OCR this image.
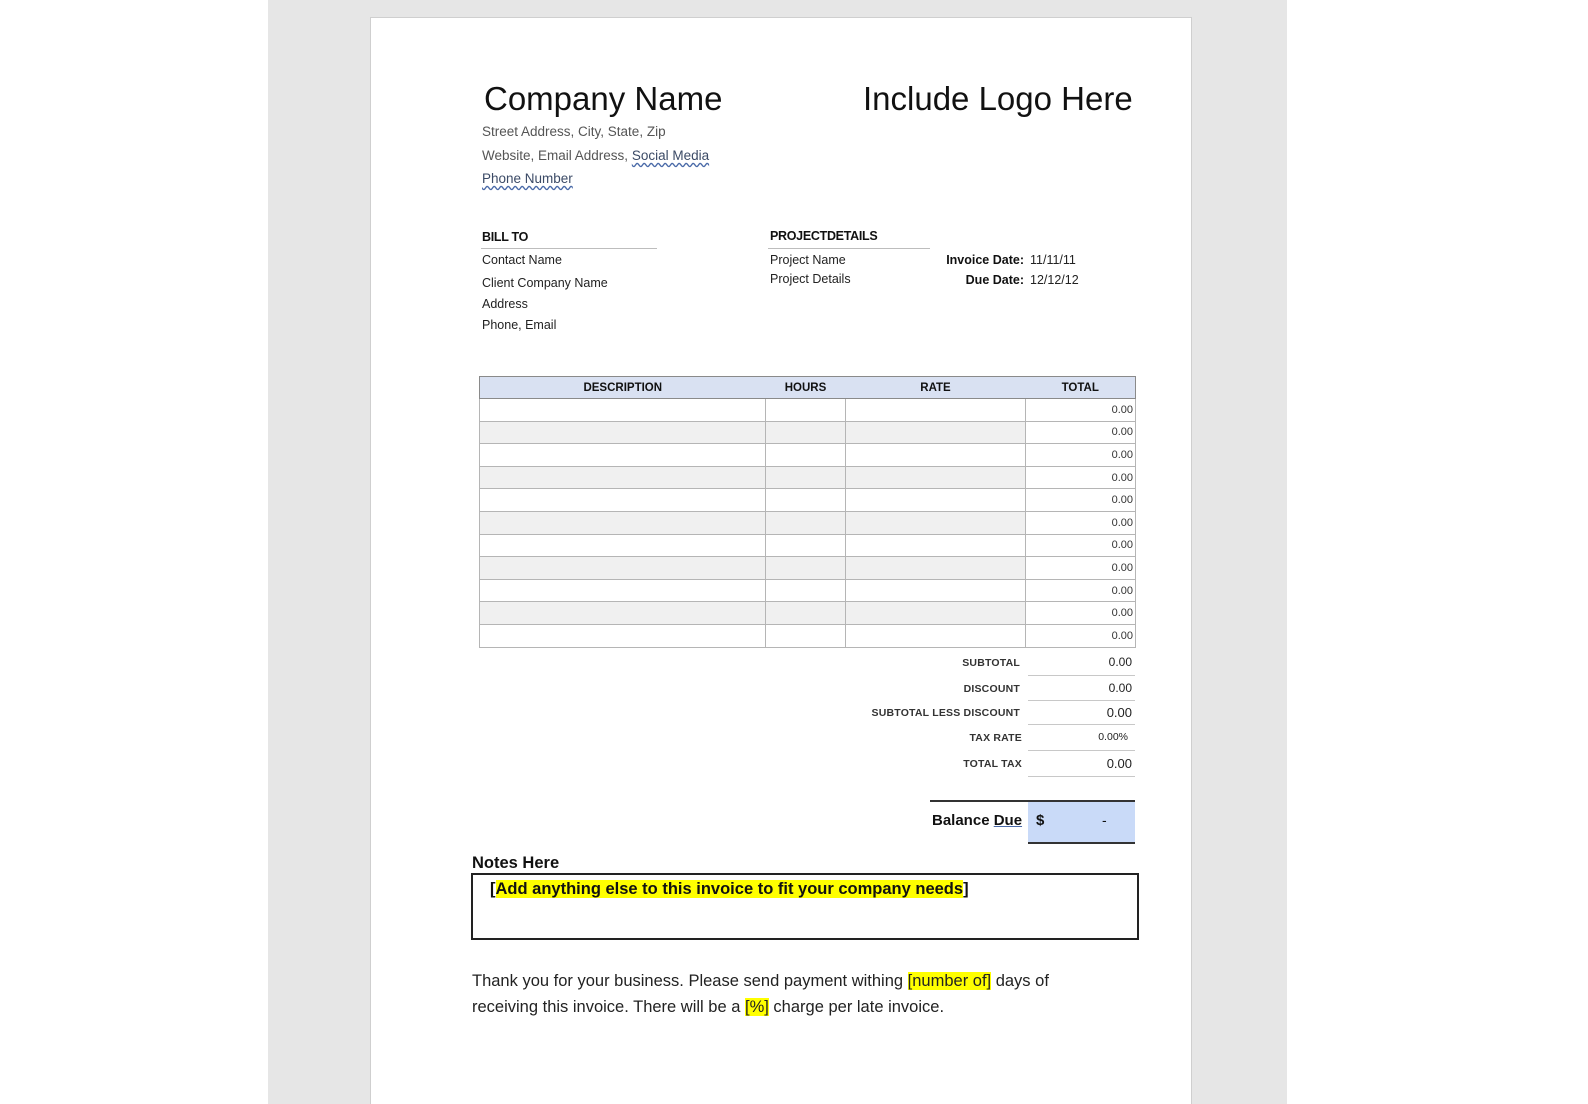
Company Name	Include Logo Here
Street Address, City, State, Zip
Website, Email Address, Social Media
Phone Number
BILL TO
Contact Name
Client Company Name
Address
Phone, Email
PROJECTDETAILS
Project Name
Project Details
Invoice Date: 11/11/11
Due Date: 12/12/12
DESCRIPTION	HOURS	RATE	TOTAL
			0.00
			0.00
			0.00
			0.00
			0.00
			0.00
			0.00
			0.00
			0.00
			0.00
			0.00
SUBTOTAL	0.00
DISCOUNT	0.00
SUBTOTAL LESS DISCOUNT	0.00
TAX RATE	0.00%
TOTAL TAX	0.00
Balance Due $	-
Notes Here
[Add anything else to this invoice to fit your company needs]
Thank you for your business. Please send payment withing [number of] days of
receiving this invoice. There will be a [%] charge per late invoice.
